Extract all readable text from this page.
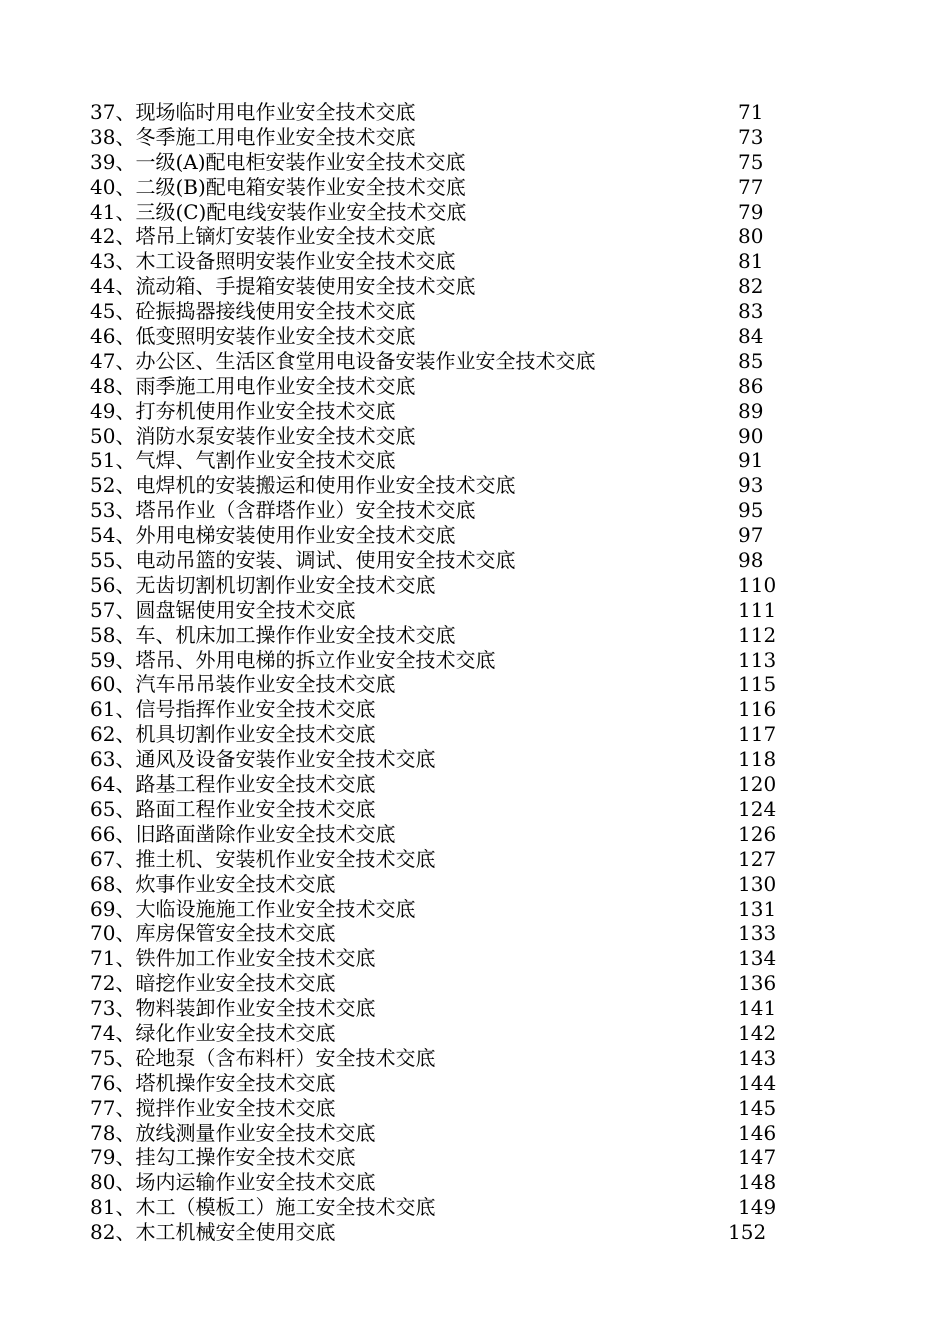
37、现场临时用电作业安全技术交底	71
38、冬季施工用电作业安全技术交底	73
39、一级(A)配电柜安装作业安全技术交底	75
40、二级(B)配电箱安装作业安全技术交底	77
41、三级(C)配电线安装作业安全技术交底	79
42、塔吊上镝灯安装作业安全技术交底	80
43、木工设备照明安装作业安全技术交底	81
44、流动箱、手提箱安装使用安全技术交底	82
45、砼振捣器接线使用安全技术交底	83
46、低变照明安装作业安全技术交底	84
47、办公区、生活区食堂用电设备安装作业安全技术交底	85
48、雨季施工用电作业安全技术交底	86
49、打夯机使用作业安全技术交底	89
50、消防水泵安装作业安全技术交底	90
51、气焊、气割作业安全技术交底	91
52、电焊机的安装搬运和使用作业安全技术交底	93
53、塔吊作业（含群塔作业）安全技术交底	95
54、外用电梯安装使用作业安全技术交底	97
55、电动吊篮的安装、调试、使用安全技术交底	98
56、无齿切割机切割作业安全技术交底	110
57、圆盘锯使用安全技术交底	111
58、车、机床加工操作作业安全技术交底	112
59、塔吊、外用电梯的拆立作业安全技术交底	113
60、汽车吊吊装作业安全技术交底	115
61、信号指挥作业安全技术交底	116
62、机具切割作业安全技术交底	117
63、通风及设备安装作业安全技术交底	118
64、路基工程作业安全技术交底	120
65、路面工程作业安全技术交底	124
66、旧路面凿除作业安全技术交底	126
67、推土机、安装机作业安全技术交底	127
68、炊事作业安全技术交底	130
69、大临设施施工作业安全技术交底	131
70、库房保管安全技术交底	133
71、铁件加工作业安全技术交底	134
72、暗挖作业安全技术交底	136
73、物料装卸作业安全技术交底	141
74、绿化作业安全技术交底	142
75、砼地泵（含布料杆）安全技术交底	143
76、塔机操作安全技术交底	144
77、搅拌作业安全技术交底	145
78、放线测量作业安全技术交底	146
79、挂勾工操作安全技术交底	147
80、场内运输作业安全技术交底	148
81、木工（模板工）施工安全技术交底	149
82、木工机械安全使用交底	152
